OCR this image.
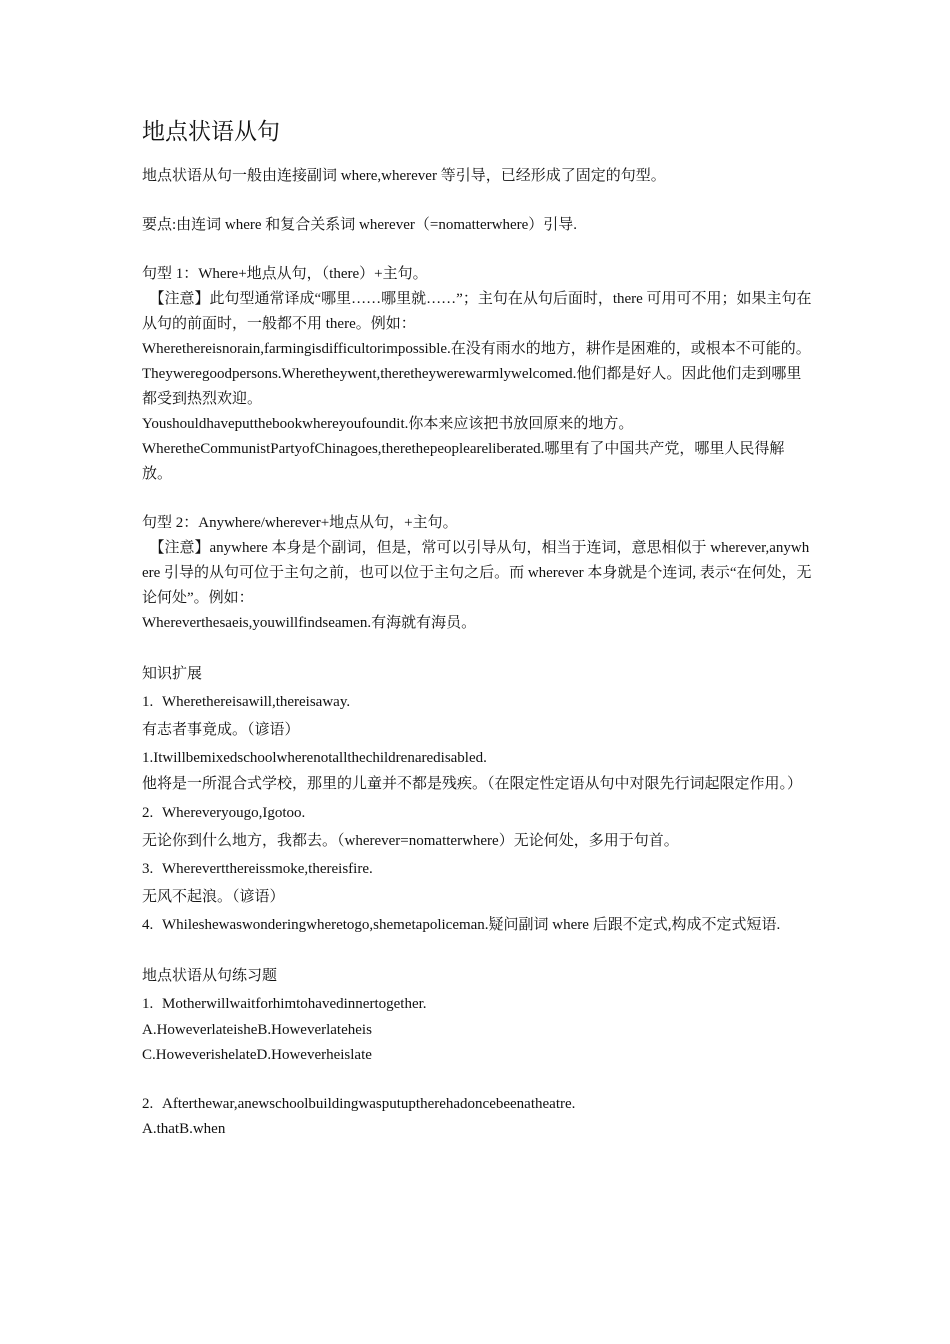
地点状语从句

地点状语从句一般由连接副词 where,wherever 等引导，已经形成了固定的句型。

要点:由连词 where 和复合关系词 wherever（=nomatterwhere）引导.

句型 1：Where+地点从句，（there）+主句。

【注意】此句型通常译成“哪里……哪里就……”；主句在从句后面时，there 可用可不用；如果主句在从句的前面时，一般都不用 there。例如：

Wherethereisnorain,farmingisdifficultorimpossible.在没有雨水的地方，耕作是困难的，或根本不可能的。

Theyweregoodpersons.Wheretheywent,theretheywerewarmlywelcomed.他们都是好人。因此他们走到哪里都受到热烈欢迎。

Youshouldhaveputthebookwhereyoufoundit.你本来应该把书放回原来的地方。

WheretheCommunistPartyofChinagoes,therethepeopleareliberated.哪里有了中国共产党，哪里人民得解放。

句型 2：Anywhere/wherever+地点从句，+主句。

【注意】anywhere 本身是个副词，但是，常可以引导从句，相当于连词，意思相似于 wherever,anywhere 引导的从句可位于主句之前，也可以位于主句之后。而 wherever 本身就是个连词, 表示“在何处，无论何处”。例如：

Whereverthesaeis,youwillfindseamen.有海就有海员。

知识扩展

1. Wherethereisawill,thereisaway.

有志者事竟成。（谚语）

1.Itwillbemixedschoolwherenotallthechildrenaredisabled.

他将是一所混合式学校，那里的儿童并不都是残疾。（在限定性定语从句中对限先行词起限定作用。）

2. Whereveryougo,Igotoo.

无论你到什么地方，我都去。（wherever=nomatterwhere）无论何处，多用于句首。

3. Wherevertthereissmoke,thereisfire.

无风不起浪。（谚语）

4. Whileshewaswonderingwheretogo,shemetapoliceman.疑问副词 where 后跟不定式,构成不定式短语.

地点状语从句练习题

1. Motherwillwaitforhimtohavedinnertogether.

A.HoweverlateisheB.Howeverlateheis

C.HoweverishelateD.Howeverheislate

2. Afterthewar,anewschoolbuildingwasputuptherehadoncebeenatheatre.

A.thatB.when
